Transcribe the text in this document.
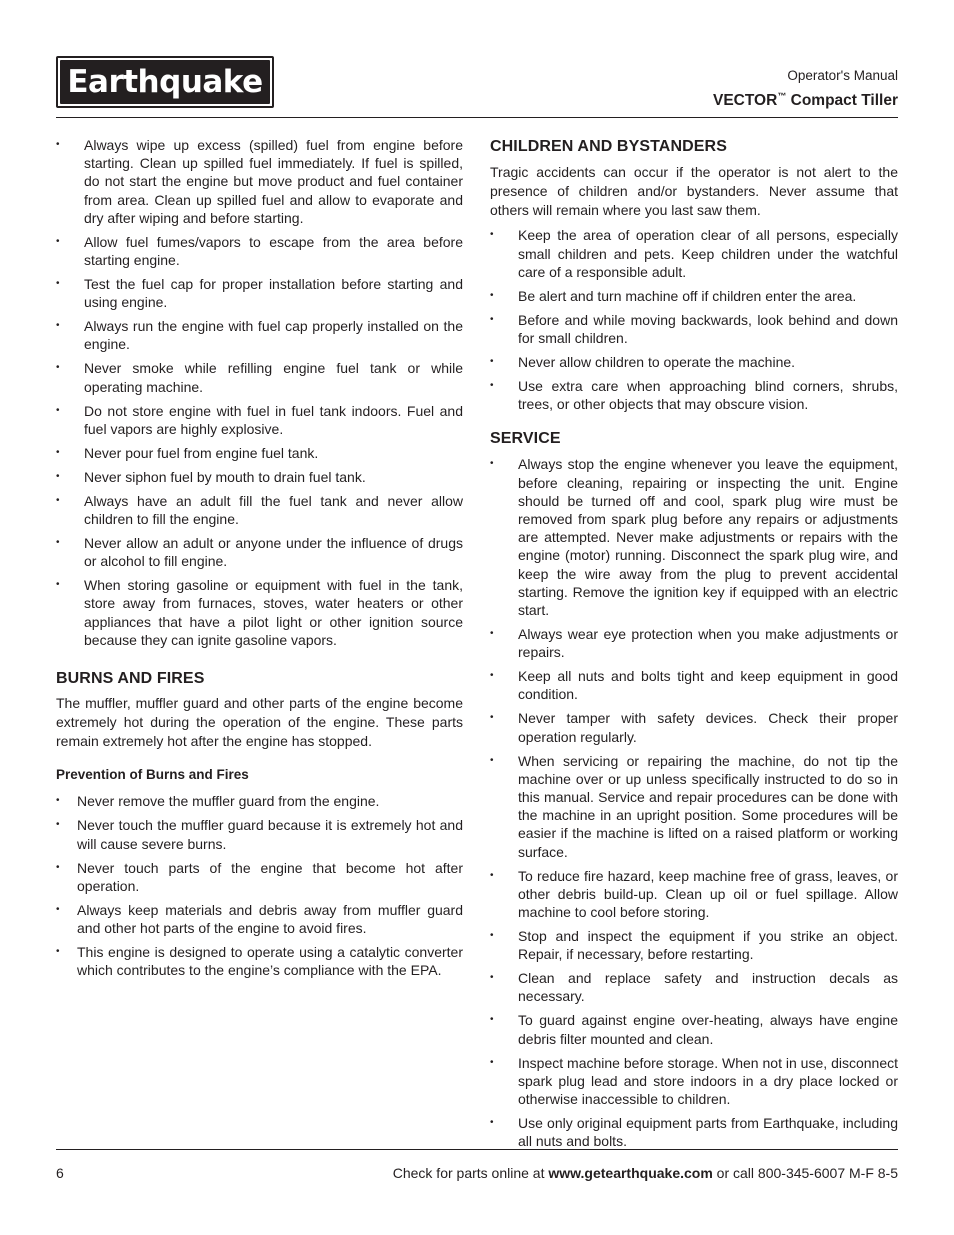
Earthquake	Operator's Manual
VECTOR™ Compact Tiller
• Always wipe up excess (spilled) fuel from engine before starting. Clean up spilled fuel immediately. If fuel is spilled, do not start the engine but move product and fuel container from area. Clean up spilled fuel and allow to evaporate and dry after wiping and before starting.
• Allow fuel fumes/vapors to escape from the area before starting engine.
• Test the fuel cap for proper installation before starting and using engine.
• Always run the engine with fuel cap properly installed on the engine.
• Never smoke while refilling engine fuel tank or while operating machine.
• Do not store engine with fuel in fuel tank indoors. Fuel and fuel vapors are highly explosive.
• Never pour fuel from engine fuel tank.
• Never siphon fuel by mouth to drain fuel tank.
• Always have an adult fill the fuel tank and never allow children to fill the engine.
• Never allow an adult or anyone under the influence of drugs or alcohol to fill engine.
• When storing gasoline or equipment with fuel in the tank, store away from furnaces, stoves, water heaters or other appliances that have a pilot light or other ignition source because they can ignite gasoline vapors.
BURNS AND FIRES

The muffler, muffler guard and other parts of the engine become extremely hot during the operation of the engine. These parts remain extremely hot after the engine has stopped.

Prevention of Burns and Fires
• Never remove the muffler guard from the engine.
• Never touch the muffler guard because it is extremely hot and will cause severe burns.
• Never touch parts of the engine that become hot after operation.
• Always keep materials and debris away from muffler guard and other hot parts of the engine to avoid fires.
• This engine is designed to operate using a catalytic converter which contributes to the engine’s compliance with the EPA.
CHILDREN AND BYSTANDERS

Tragic accidents can occur if the operator is not alert to the presence of children and/or bystanders. Never assume that others will remain where you last saw them.

• Keep the area of operation clear of all persons, especially small children and pets. Keep children under the watchful care of a responsible adult.
• Be alert and turn machine off if children enter the area.
• Before and while moving backwards, look behind and down for small children.
• Never allow children to operate the machine.
• Use extra care when approaching blind corners, shrubs, trees, or other objects that may obscure vision.
SERVICE
• Always stop the engine whenever you leave the equipment, before cleaning, repairing or inspecting the unit. Engine should be turned off and cool, spark plug wire must be removed from spark plug before any repairs or adjustments are attempted. Never make adjustments or repairs with the engine (motor) running. Disconnect the spark plug wire, and keep the wire away from the plug to prevent accidental starting. Remove the ignition key if equipped with an electric start.
• Always wear eye protection when you make adjustments or repairs.
• Keep all nuts and bolts tight and keep equipment in good condition.
• Never tamper with safety devices. Check their proper operation regularly.
• When servicing or repairing the machine, do not tip the machine over or up unless specifically instructed to do so in this manual. Service and repair procedures can be done with the machine in an upright position. Some procedures will be easier if the machine is lifted on a raised platform or working surface.
• To reduce fire hazard, keep machine free of grass, leaves, or other debris build-up. Clean up oil or fuel spillage. Allow machine to cool before storing.
• Stop and inspect the equipment if you strike an object. Repair, if necessary, before restarting.
• Clean and replace safety and instruction decals as necessary.
• To guard against engine over-heating, always have engine debris filter mounted and clean.
• Inspect machine before storage. When not in use, disconnect spark plug lead and store indoors in a dry place locked or otherwise inaccessible to children.
• Use only original equipment parts from Earthquake, including all nuts and bolts.
6	Check for parts online at www.getearthquake.com or call 800-345-6007 M-F 8-5
